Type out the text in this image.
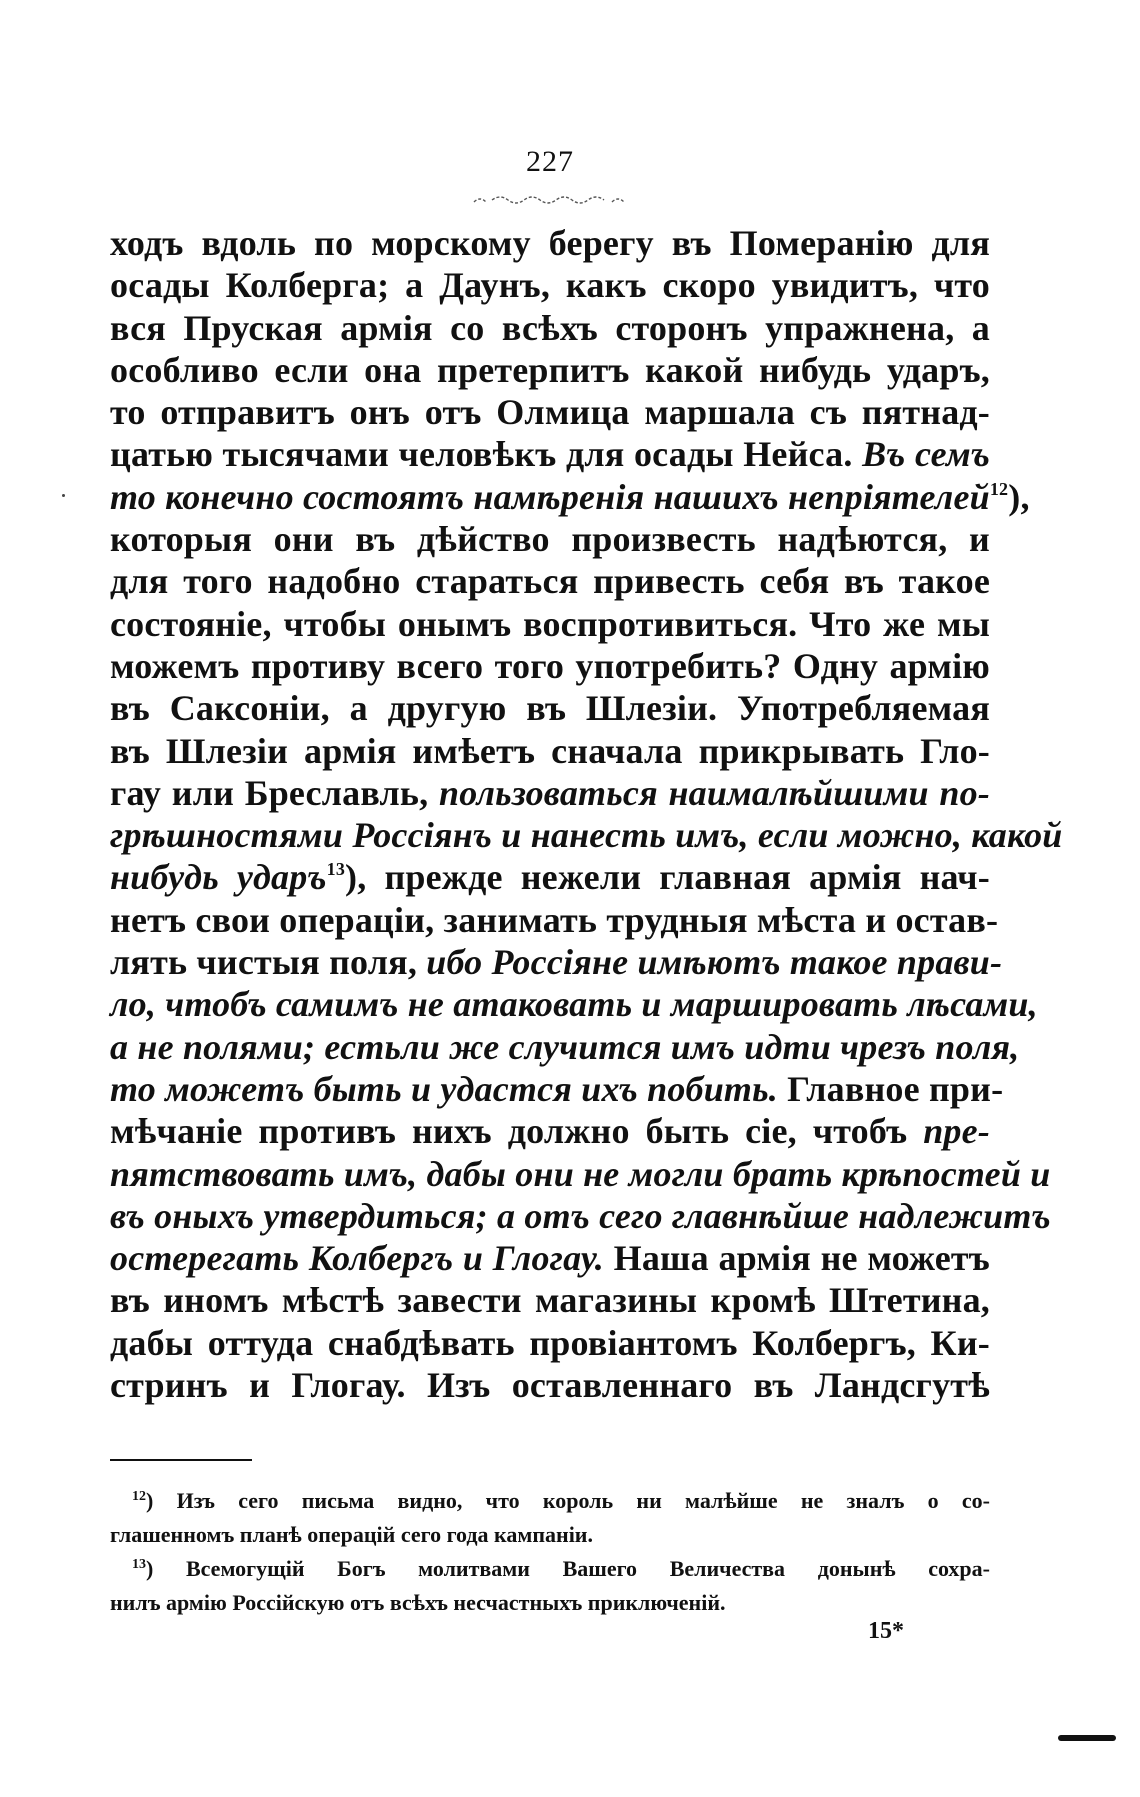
227
ходъ вдоль по морскому берегу въ Померанію для
осады Колберга; а Даунъ, какъ скоро увидитъ, что
вся Пруская армія со всѣхъ сторонъ упражнена, а
особливо если она претерпитъ какой нибудь ударъ,
то отправитъ онъ отъ Олмица маршала съ пятнад-
цатью тысячами человѣкъ для осады Нейса. Въ семъ
то конечно состоятъ намѣренія нашихъ непріятелей$^{12}$),
которыя они въ дѣйство произвесть надѣются, и
для того надобно стараться привесть себя въ такое
состояніе, чтобы онымъ воспротивиться. Что же мы
можемъ противу всего того употребить? Одну армію
въ Саксоніи, а другую въ Шлезіи. Употребляемая
въ Шлезіи армія имѣетъ сначала прикрывать Гло-
гау или Бреславль, пользоваться наималѣйшими по-
грѣшностями Россіянъ и нанесть имъ, если можно, какой
нибудь ударъ$^{13}$), прежде нежели главная армія нач-
нетъ свои операціи, занимать трудныя мѣста и остав-
лять чистыя поля, ибо Россіяне имѣютъ такое прави-
ло, чтобъ самимъ не атаковать и маршировать лѣсами,
а не полями; естьли же случится имъ идти чрезъ поля,
то можетъ быть и удастся ихъ побить. Главное при-
мѣчаніе противъ нихъ должно быть сіе, чтобъ пре-
пятствовать имъ, дабы они не могли брать крѣпостей и
въ оныхъ утвердиться; а отъ сего главнѣйше надлежитъ
остерегать Колбергъ и Глогау. Наша армія не можетъ
въ иномъ мѣстѣ завести магазины кромѣ Штетина,
дабы оттуда снабдѣвать провіантомъ Колбергъ, Ки-
стринъ и Глогау. Изъ оставленнаго въ Ландсгутѣ
$^{12}$) Изъ сего письма видно, что король ни малѣйше не зналъ о со-
глашенномъ планѣ операцій сего года кампаніи.
$^{13}$) Всемогущій Богъ молитвами Вашего Величества донынѣ сохра-
нилъ армію Россійскую отъ всѣхъ несчастныхъ приключеній.
15*
